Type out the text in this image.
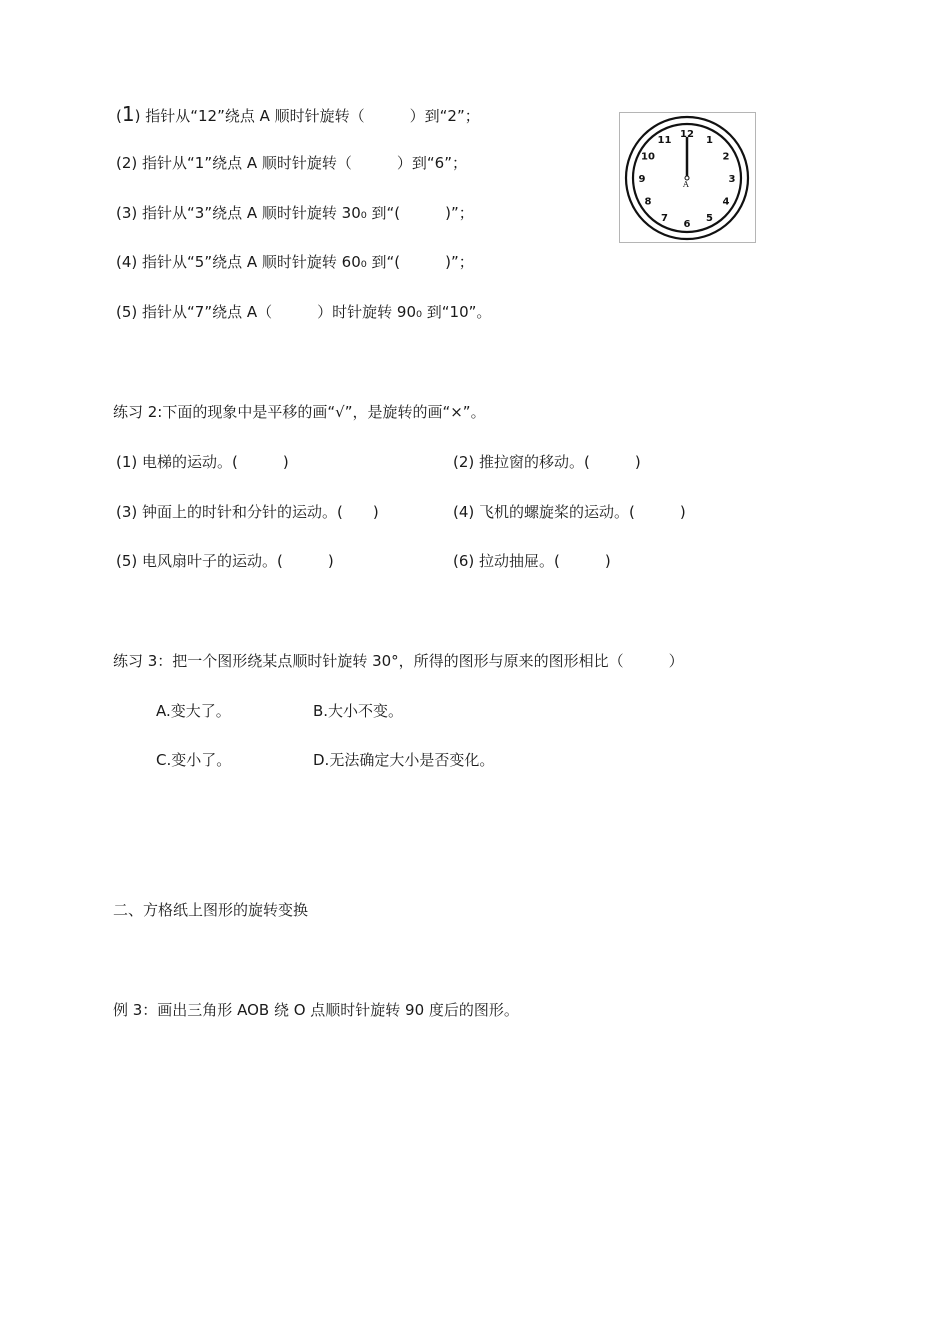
(1) 指针从“12”绕点 A 顺时针旋转（　　　）到“2”；
(2) 指针从“1”绕点 A 顺时针旋转（　　　）到“6”；
(3) 指针从“3”绕点 A 顺时针旋转 30₀ 到“(　　　)”；
(4) 指针从“5”绕点 A 顺时针旋转 60₀ 到“(　　　)”；
(5) 指针从“7”绕点 A（　　　）时针旋转 90₀ 到“10”。
12
1
2
3
4
5
6
7
8
9
10
11
A
练习 2:下面的现象中是平移的画“√”，是旋转的画“×”。
(1) 电梯的运动。(　　　)	(2) 推拉窗的移动。(　　　)
(3) 钟面上的时针和分针的运动。(　　)	(4) 飞机的螺旋桨的运动。(　　　)
(5) 电风扇叶子的运动。(　　　)	(6) 拉动抽屉。(　　　)
练习 3：把一个图形绕某点顺时针旋转 30°，所得的图形与原来的图形相比（　　　）
A.变大了。	B.大小不变。
C.变小了。	D.无法确定大小是否变化。
二、方格纸上图形的旋转变换
例 3：画出三角形 AOB 绕 O 点顺时针旋转 90 度后的图形。
